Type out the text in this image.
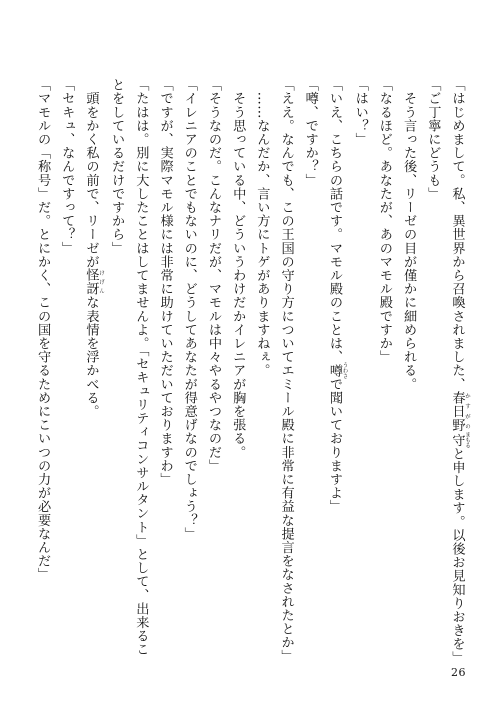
「はじめまして。私、異世界から召喚されました、春日野 かすがの守 まもると申します。以後お見知りおきを」
「ご丁寧にどうも」
　そう言った後、リーゼの目が僅かに細められる。
「なるほど。あなたが、あのマモル殿ですか」
「はい？」
「いえ、こちらの話です。マモル殿のことは、噂 うわさで聞いておりますよ」
「噂、ですか？」
「ええ。なんでも、この王国の守り方についてエミール殿に非常に有益な提言をなされたとか」
　……なんだか、言い方にトゲがありますねぇ。
　そう思っている中、どういうわけだかイレニアが胸を張る。
「そうなのだ。こんなナリだが、マモルは中々やるやつなのだ」
「イレニアのことでもないのに、どうしてあなたが得意げなのでしょう？」
「ですが、実際マモル様には非常に助けていただいておりますわ」
「たはは。別に大したことはしてませんよ。「セキュリティコンサルタント」として、出来るこ
とをしているだけですから」
　頭をかく私の前で、リーゼが怪訝 けげんな表情を浮かべる。
「セキュ、なんですって？」
「マモルの「称号」だ。とにかく、この国を守るためにこいつの力が必要なんだ」
26
